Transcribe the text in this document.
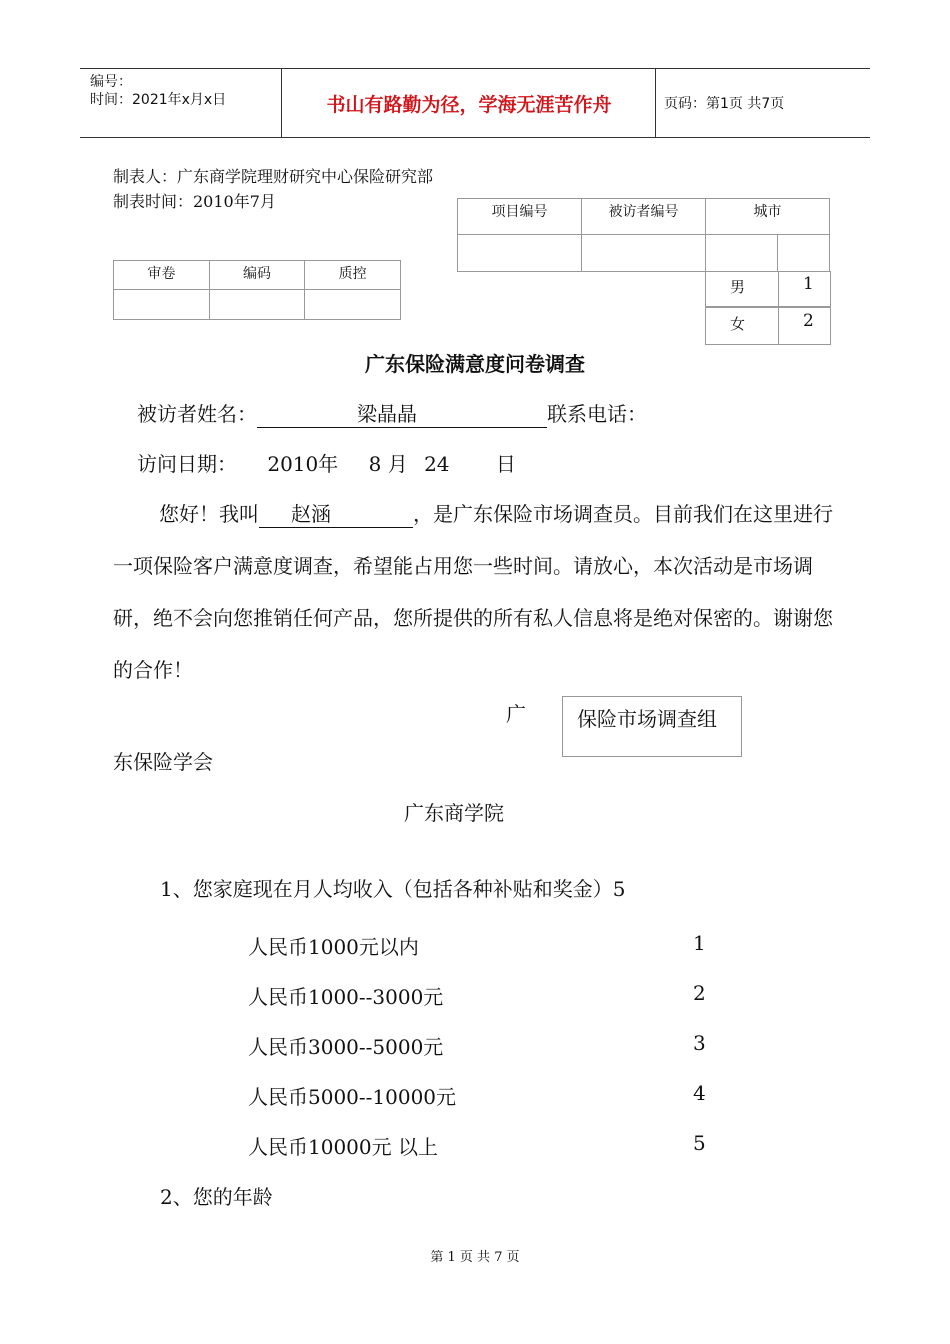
编号：
时间：2021年x月x日	书山有路勤为径，学海无涯苦作舟	页码：第1页 共7页
制表人：广东商学院理财研究中心保险研究部
制表时间：2010年7月
项目编号	被访者编号	城市	

男	1
女	2
审卷	编码	质控

广东保险满意度问卷调查
被访者姓名：	梁晶晶	联系电话：
访问日期： 2010年 8 月 24 日
您好！我叫 赵涵	，是广东保险市场调查员。目前我们在这里进行一项保险客户满意度调查，希望能占用您一些时间。请放心，本次活动是市场调研，绝不会向您推销任何产品，您所提供的所有私人信息将是绝对保密的。谢谢您的合作！
广	保险市场调查组
东保险学会
广东商学院
1、您家庭现在月人均收入（包括各种补贴和奖金）5
人民币1000元以内	1
人民币1000--3000元	2
人民币3000--5000元	3
人民币5000--10000元	4
人民币10000元 以上	5
2、您的年龄
第 1 页 共 7 页
